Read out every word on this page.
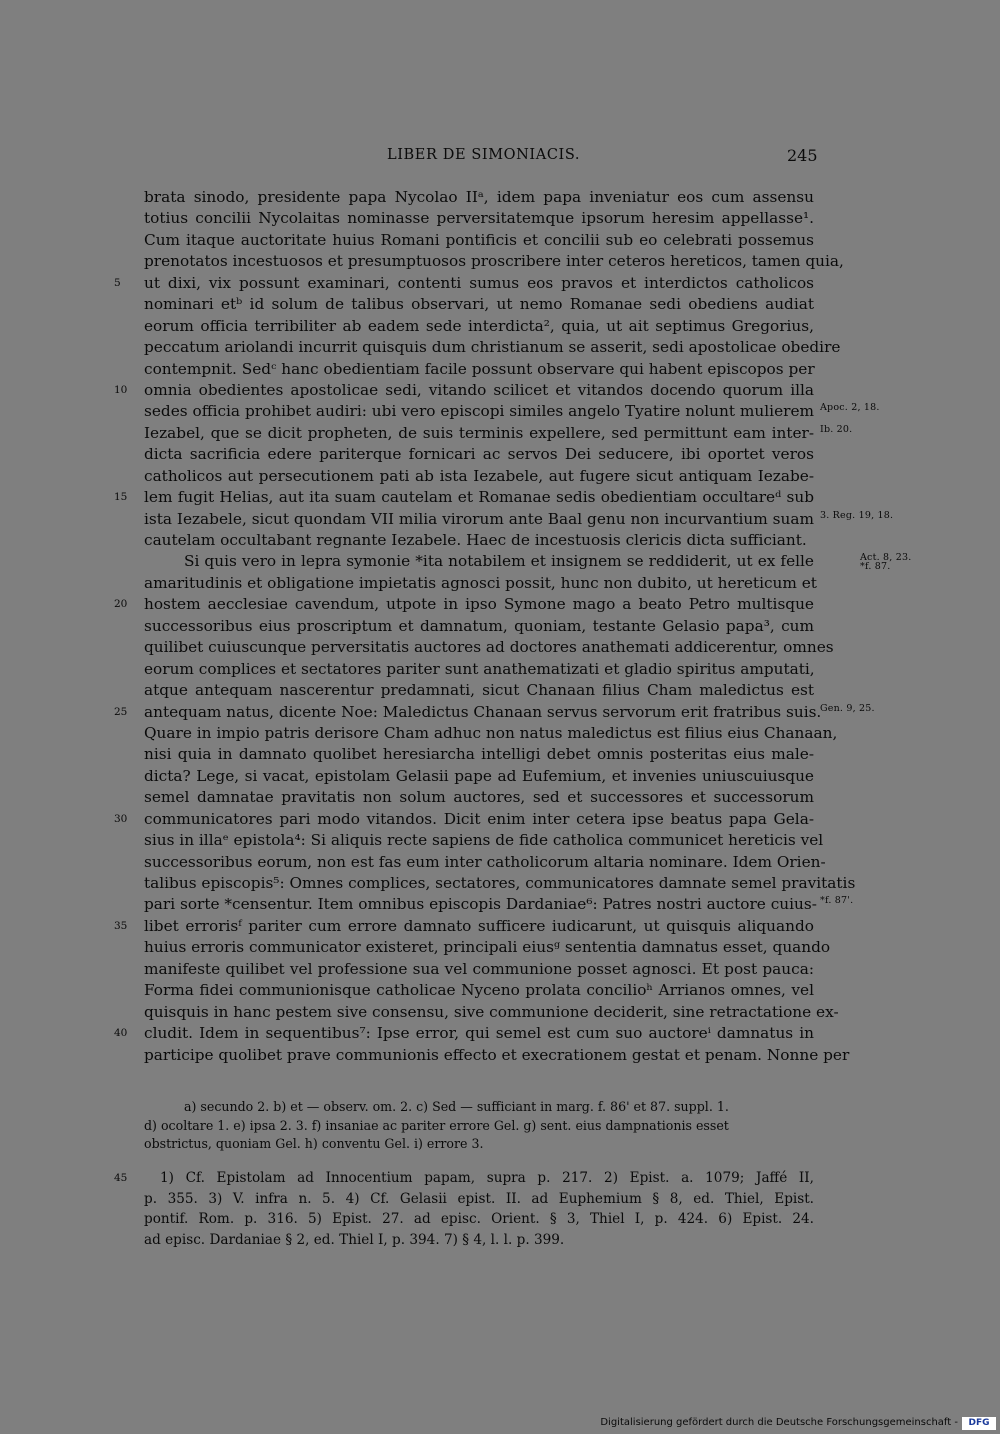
LIBER DE SIMONIACIS.	245
brata sinodo, presidente papa Nycolao IIᵃ, idem papa inveniatur eos cum assensu
totius concilii Nycolaitas nominasse perversitatemque ipsorum heresim appellasse¹.
Cum itaque auctoritate huius Romani pontificis et concilii sub eo celebrati possemus
prenotatos incestuosos et presumptuosos proscribere inter ceteros hereticos, tamen quia,
ut dixi, vix possunt examinari, contenti sumus eos pravos et interdictos catholicos
5
nominari etᵇ id solum de talibus observari, ut nemo Romanae sedi obediens audiat
eorum officia terribiliter ab eadem sede interdicta², quia, ut ait septimus Gregorius,
peccatum ariolandi incurrit quisquis dum christianum se asserit, sedi apostolicae obedire
contempnit. Sedᶜ hanc obedientiam facile possunt observare qui habent episcopos per
omnia obedientes apostolicae sedi, vitando scilicet et vitandos docendo quorum illa
10
sedes officia prohibet audiri: ubi vero episcopi similes angelo Tyatire nolunt mulierem Apoc. 2, 18.
Iezabel, que se dicit propheten, de suis terminis expellere, sed permittunt eam inter- Ib. 20.
dicta sacrificia edere pariterque fornicari ac servos Dei seducere, ibi oportet veros
catholicos aut persecutionem pati ab ista Iezabele, aut fugere sicut antiquam Iezabe-
lem fugit Helias, aut ita suam cautelam et Romanae sedis obedientiam occultareᵈ sub
15
ista Iezabele, sicut quondam VII milia virorum ante Baal genu non incurvantium suam 3. Reg. 19, 18.
cautelam occultabant regnante Iezabele. Haec de incestuosis clericis dicta sufficiant.
Si quis vero in lepra symonie *ita notabilem et insignem se reddiderit, ut ex felle	Act. 8, 23.
*f. 87.
amaritudinis et obligatione impietatis agnosci possit, hunc non dubito, ut hereticum et
hostem aecclesiae cavendum, utpote in ipso Symone mago a beato Petro multisque
20
successoribus eius proscriptum et damnatum, quoniam, testante Gelasio papa³, cum
quilibet cuiuscunque perversitatis auctores ad doctores anathemati addicerentur, omnes
eorum complices et sectatores pariter sunt anathematizati et gladio spiritus amputati,
atque antequam nascerentur predamnati, sicut Chanaan filius Cham maledictus est
antequam natus, dicente Noe: Maledictus Chanaan servus servorum erit fratribus suis.
25	Gen. 9, 25.
Quare in impio patris derisore Cham adhuc non natus maledictus est filius eius Chanaan,
nisi quia in damnato quolibet heresiarcha intelligi debet omnis posteritas eius male-
dicta? Lege, si vacat, epistolam Gelasii pape ad Eufemium, et invenies uniuscuiusque
semel damnatae pravitatis non solum auctores, sed et successores et successorum
communicatores pari modo vitandos. Dicit enim inter cetera ipse beatus papa Gela-
30
sius in illaᵉ epistola⁴: Si aliquis recte sapiens de fide catholica communicet hereticis vel
successoribus eorum, non est fas eum inter catholicorum altaria nominare. Idem Orien-
talibus episcopis⁵: Omnes complices, sectatores, communicatores damnate semel pravitatis
pari sorte *censentur. Item omnibus episcopis Dardaniae⁶: Patres nostri auctore cuius- *f. 87'.
libet errorisᶠ pariter cum errore damnato sufficere iudicarunt, ut quisquis aliquando
35
huius erroris communicator existeret, principali eiusᵍ sententia damnatus esset, quando
manifeste quilibet vel professione sua vel communione posset agnosci. Et post pauca:
Forma fidei communionisque catholicae Nyceno prolata concilioʰ Arrianos omnes, vel
quisquis in hanc pestem sive consensu, sive communione deciderit, sine retractatione ex-
cludit. Idem in sequentibus⁷: Ipse error, qui semel est cum suo auctoreⁱ damnatus in
40
participe quolibet prave communionis effecto et execrationem gestat et penam. Nonne per
a) secundo 2. b) et — observ. om. 2. c) Sed — sufficiant in marg. f. 86' et 87. suppl. 1.
d) ocoltare 1. e) ipsa 2. 3. f) insaniae ac pariter errore Gel. g) sent. eius dampnationis esset
obstrictus, quoniam Gel. h) conventu Gel. i) errore 3.
1) Cf. Epistolam ad Innocentium papam, supra p. 217. 2) Epist. a. 1079; Jaffé II,
45
p. 355. 3) V. infra n. 5. 4) Cf. Gelasii epist. II. ad Euphemium § 8, ed. Thiel, Epist.
pontif. Rom. p. 316. 5) Epist. 27. ad episc. Orient. § 3, Thiel I, p. 424. 6) Epist. 24.
ad episc. Dardaniae § 2, ed. Thiel I, p. 394. 7) § 4, l. l. p. 399.
Digitalisierung gefördert durch die Deutsche Forschungsgemeinschaft -	DFG
